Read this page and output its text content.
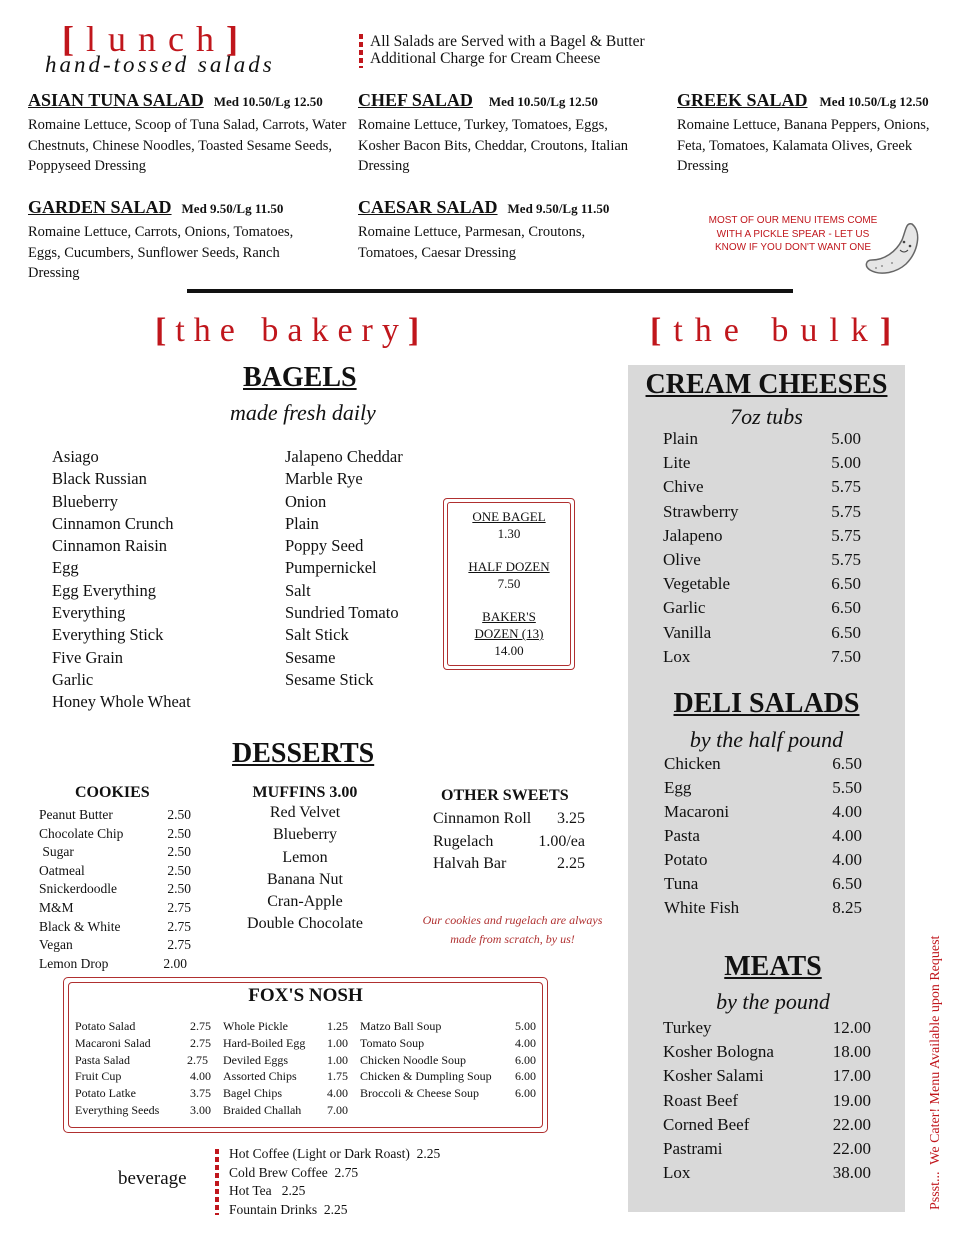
[lunch]
hand-tossed salads
All Salads are Served with a Bagel & Butter
Additional Charge for Cream Cheese
ASIAN TUNA SALAD Med 10.50/Lg 12.50
Romaine Lettuce, Scoop of Tuna Salad, Carrots, Water Chestnuts, Chinese Noodles, Toasted Sesame Seeds, Poppyseed Dressing
CHEF SALAD Med 10.50/Lg 12.50
Romaine Lettuce, Turkey, Tomatoes, Eggs, Kosher Bacon Bits, Cheddar, Croutons, Italian Dressing
GREEK SALAD Med 10.50/Lg 12.50
Romaine Lettuce, Banana Peppers, Onions, Feta, Tomatoes, Kalamata Olives, Greek Dressing
GARDEN SALAD Med 9.50/Lg 11.50
Romaine Lettuce, Carrots, Onions, Tomatoes, Eggs, Cucumbers, Sunflower Seeds, Ranch Dressing
CAESAR SALAD Med 9.50/Lg 11.50
Romaine Lettuce, Parmesan, Croutons, Tomatoes, Caesar Dressing
MOST OF OUR MENU ITEMS COME
WITH A PICKLE SPEAR - LET US
KNOW IF YOU DON'T WANT ONE
[the bakery]
BAGELS
made fresh daily
Asiago
Black Russian
Blueberry
Cinnamon Crunch
Cinnamon Raisin
Egg
Egg Everything
Everything
Everything Stick
Five Grain
Garlic
Honey Whole Wheat
Jalapeno Cheddar
Marble Rye
Onion
Plain
Poppy Seed
Pumpernickel
Salt
Sundried Tomato
Salt Stick
Sesame
Sesame Stick
ONE BAGEL
1.30
HALF DOZEN
7.50
BAKER'S
DOZEN (13)
14.00
DESSERTS
COOKIES
Peanut Butter	2.50
Chocolate Chip	2.50
Sugar	2.50
Oatmeal	2.50
Snickerdoodle	2.50
M&M	2.75
Black & White	2.75
Vegan	2.75
Lemon Drop	2.00
MUFFINS 3.00
Red Velvet
Blueberry
Lemon
Banana Nut
Cran-Apple
Double Chocolate
OTHER SWEETS
Cinnamon Roll 3.25
Rugelach	1.00/ea
Halvah Bar	2.25
Our cookies and rugelach are always
made from scratch, by us!
FOX'S NOSH
Potato Salad	2.75
Macaroni Salad	2.75
Pasta Salad	2.75
Fruit Cup	4.00
Potato Latke	3.75
Everything Seeds	3.00
Whole Pickle	1.25
Hard-Boiled Egg 1.00
Deviled Eggs	1.00
Assorted Chips	1.75
Bagel Chips	4.00
Braided Challah 7.00
Matzo Ball Soup	5.00
Tomato Soup	4.00
Chicken Noodle Soup	6.00
Chicken & Dumpling Soup 6.00
Broccoli & Cheese Soup	6.00
beverage
Hot Coffee (Light or Dark Roast)  2.25
Cold Brew Coffee  2.75
Hot Tea   2.25
Fountain Drinks  2.25
[the bulk]
CREAM CHEESES
7oz tubs
Plain	5.00
Lite	5.00
Chive	5.75
Strawberry	5.75
Jalapeno	5.75
Olive	5.75
Vegetable	6.50
Garlic	6.50
Vanilla	6.50
Lox	7.50
DELI SALADS
by the half pound
Chicken	6.50
Egg	5.50
Macaroni	4.00
Pasta	4.00
Potato	4.00
Tuna	6.50
White Fish	8.25
MEATS
by the pound
Turkey	12.00
Kosher Bologna	18.00
Kosher Salami	17.00
Roast Beef	19.00
Corned Beef	22.00
Pastrami	22.00
Lox	38.00	Pssst...  We Cater! Menu Available upon Request
